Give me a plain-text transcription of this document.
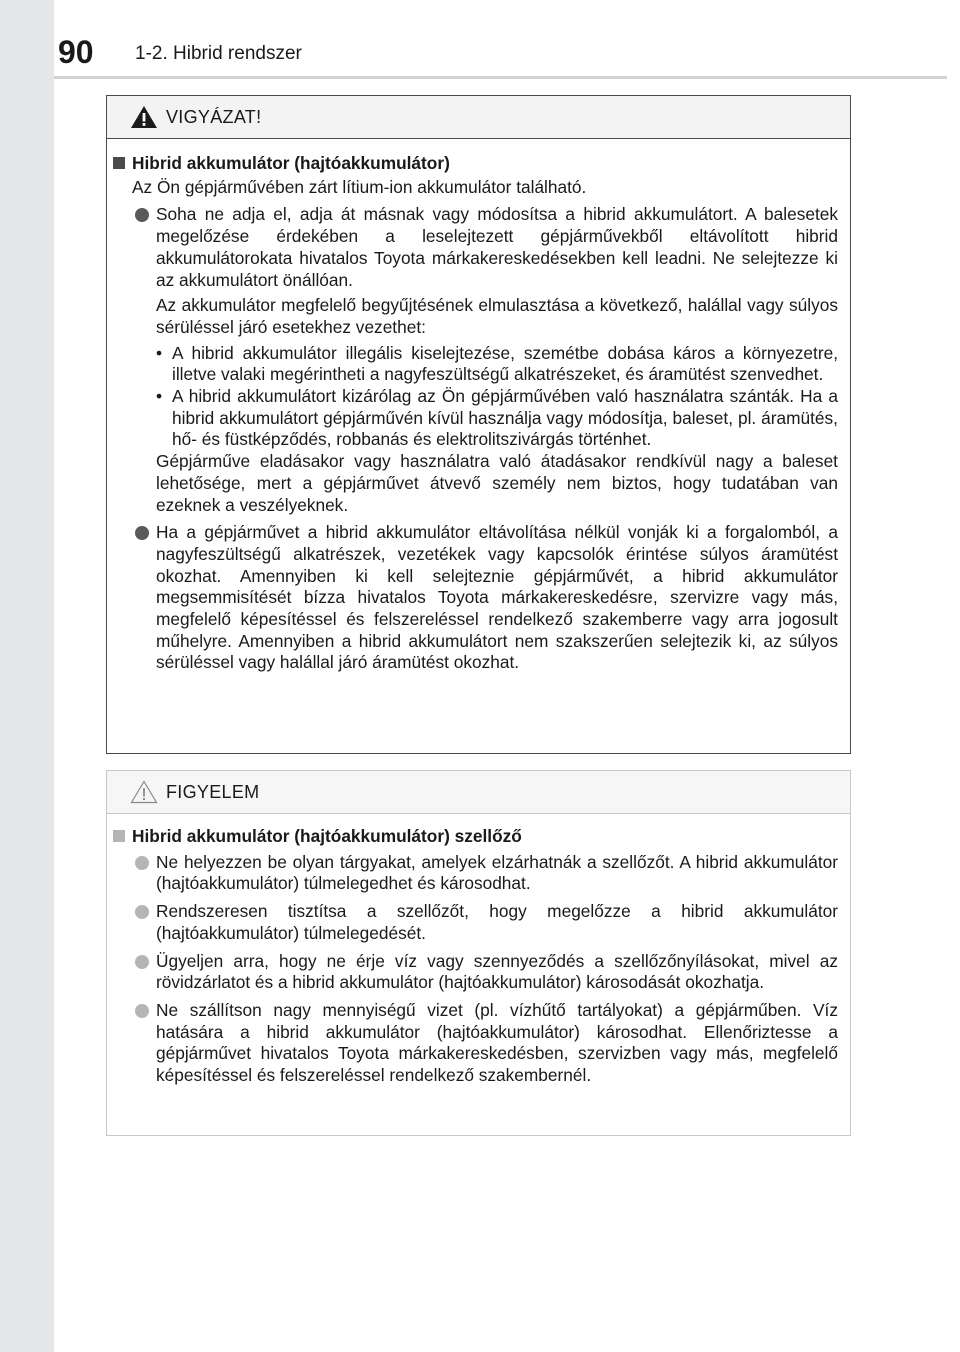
90 1-2. Hibrid rendszer
VIGYÁZAT!
Hibrid akkumulátor (hajtóakkumulátor)
Az Ön gépjárművében zárt lítium-ion akkumulátor található.
Soha ne adja el, adja át másnak vagy módosítsa a hibrid akkumulátort. A balesetek megelőzése érdekében a leselejtezett gépjárművekből eltávolított hibrid akkumulátorokata hivatalos Toyota márkakereskedésekben kell leadni. Ne selejtezze ki az akkumulátort önállóan.
Az akkumulátor megfelelő begyűjtésének elmulasztása a következő, halállal vagy súlyos sérüléssel járó esetekhez vezethet:
• A hibrid akkumulátor illegális kiselejtezése, szemétbe dobása káros a környezetre, illetve valaki megérintheti a nagyfeszültségű alkatrészeket, és áramütést szenvedhet.
• A hibrid akkumulátort kizárólag az Ön gépjárművében való használatra szánták. Ha a hibrid akkumulátort gépjárművén kívül használja vagy módosítja, baleset, pl. áramütés, hő- és füstképződés, robbanás és elektrolitszivárgás történhet.
Gépjárműve eladásakor vagy használatra való átadásakor rendkívül nagy a baleset lehetősége, mert a gépjárművet átvevő személy nem biztos, hogy tudatában van ezeknek a veszélyeknek.
Ha a gépjárművet a hibrid akkumulátor eltávolítása nélkül vonják ki a forgalomból, a nagyfeszültségű alkatrészek, vezetékek vagy kapcsolók érintése súlyos áramütést okozhat. Amennyiben ki kell selejteznie gépjárművét, a hibrid akkumulátor megsemmisítését bízza hivatalos Toyota márkakereskedésre, szervizre vagy más, megfelelő képesítéssel és felszereléssel rendelkező szakemberre vagy arra jogosult műhelyre. Amennyiben a hibrid akkumulátort nem szakszerűen selejtezik ki, az súlyos sérüléssel vagy halállal járó áramütést okozhat.
FIGYELEM
Hibrid akkumulátor (hajtóakkumulátor) szellőző
Ne helyezzen be olyan tárgyakat, amelyek elzárhatnák a szellőzőt. A hibrid akkumulátor (hajtóakkumulátor) túlmelegedhet és károsodhat.
Rendszeresen tisztítsa a szellőzőt, hogy megelőzze a hibrid akkumulátor (hajtóakkumulátor) túlmelegedését.
Ügyeljen arra, hogy ne érje víz vagy szennyeződés a szellőzőnyílásokat, mivel az rövidzárlatot és a hibrid akkumulátor (hajtóakkumulátor) károsodását okozhatja.
Ne szállítson nagy mennyiségű vizet (pl. vízhűtő tartályokat) a gépjárműben. Víz hatására a hibrid akkumulátor (hajtóakkumulátor) károsodhat. Ellenőriztesse a gépjárművet hivatalos Toyota márkakereskedésben, szervizben vagy más, megfelelő képesítéssel és felszereléssel rendelkező szakembernél.
